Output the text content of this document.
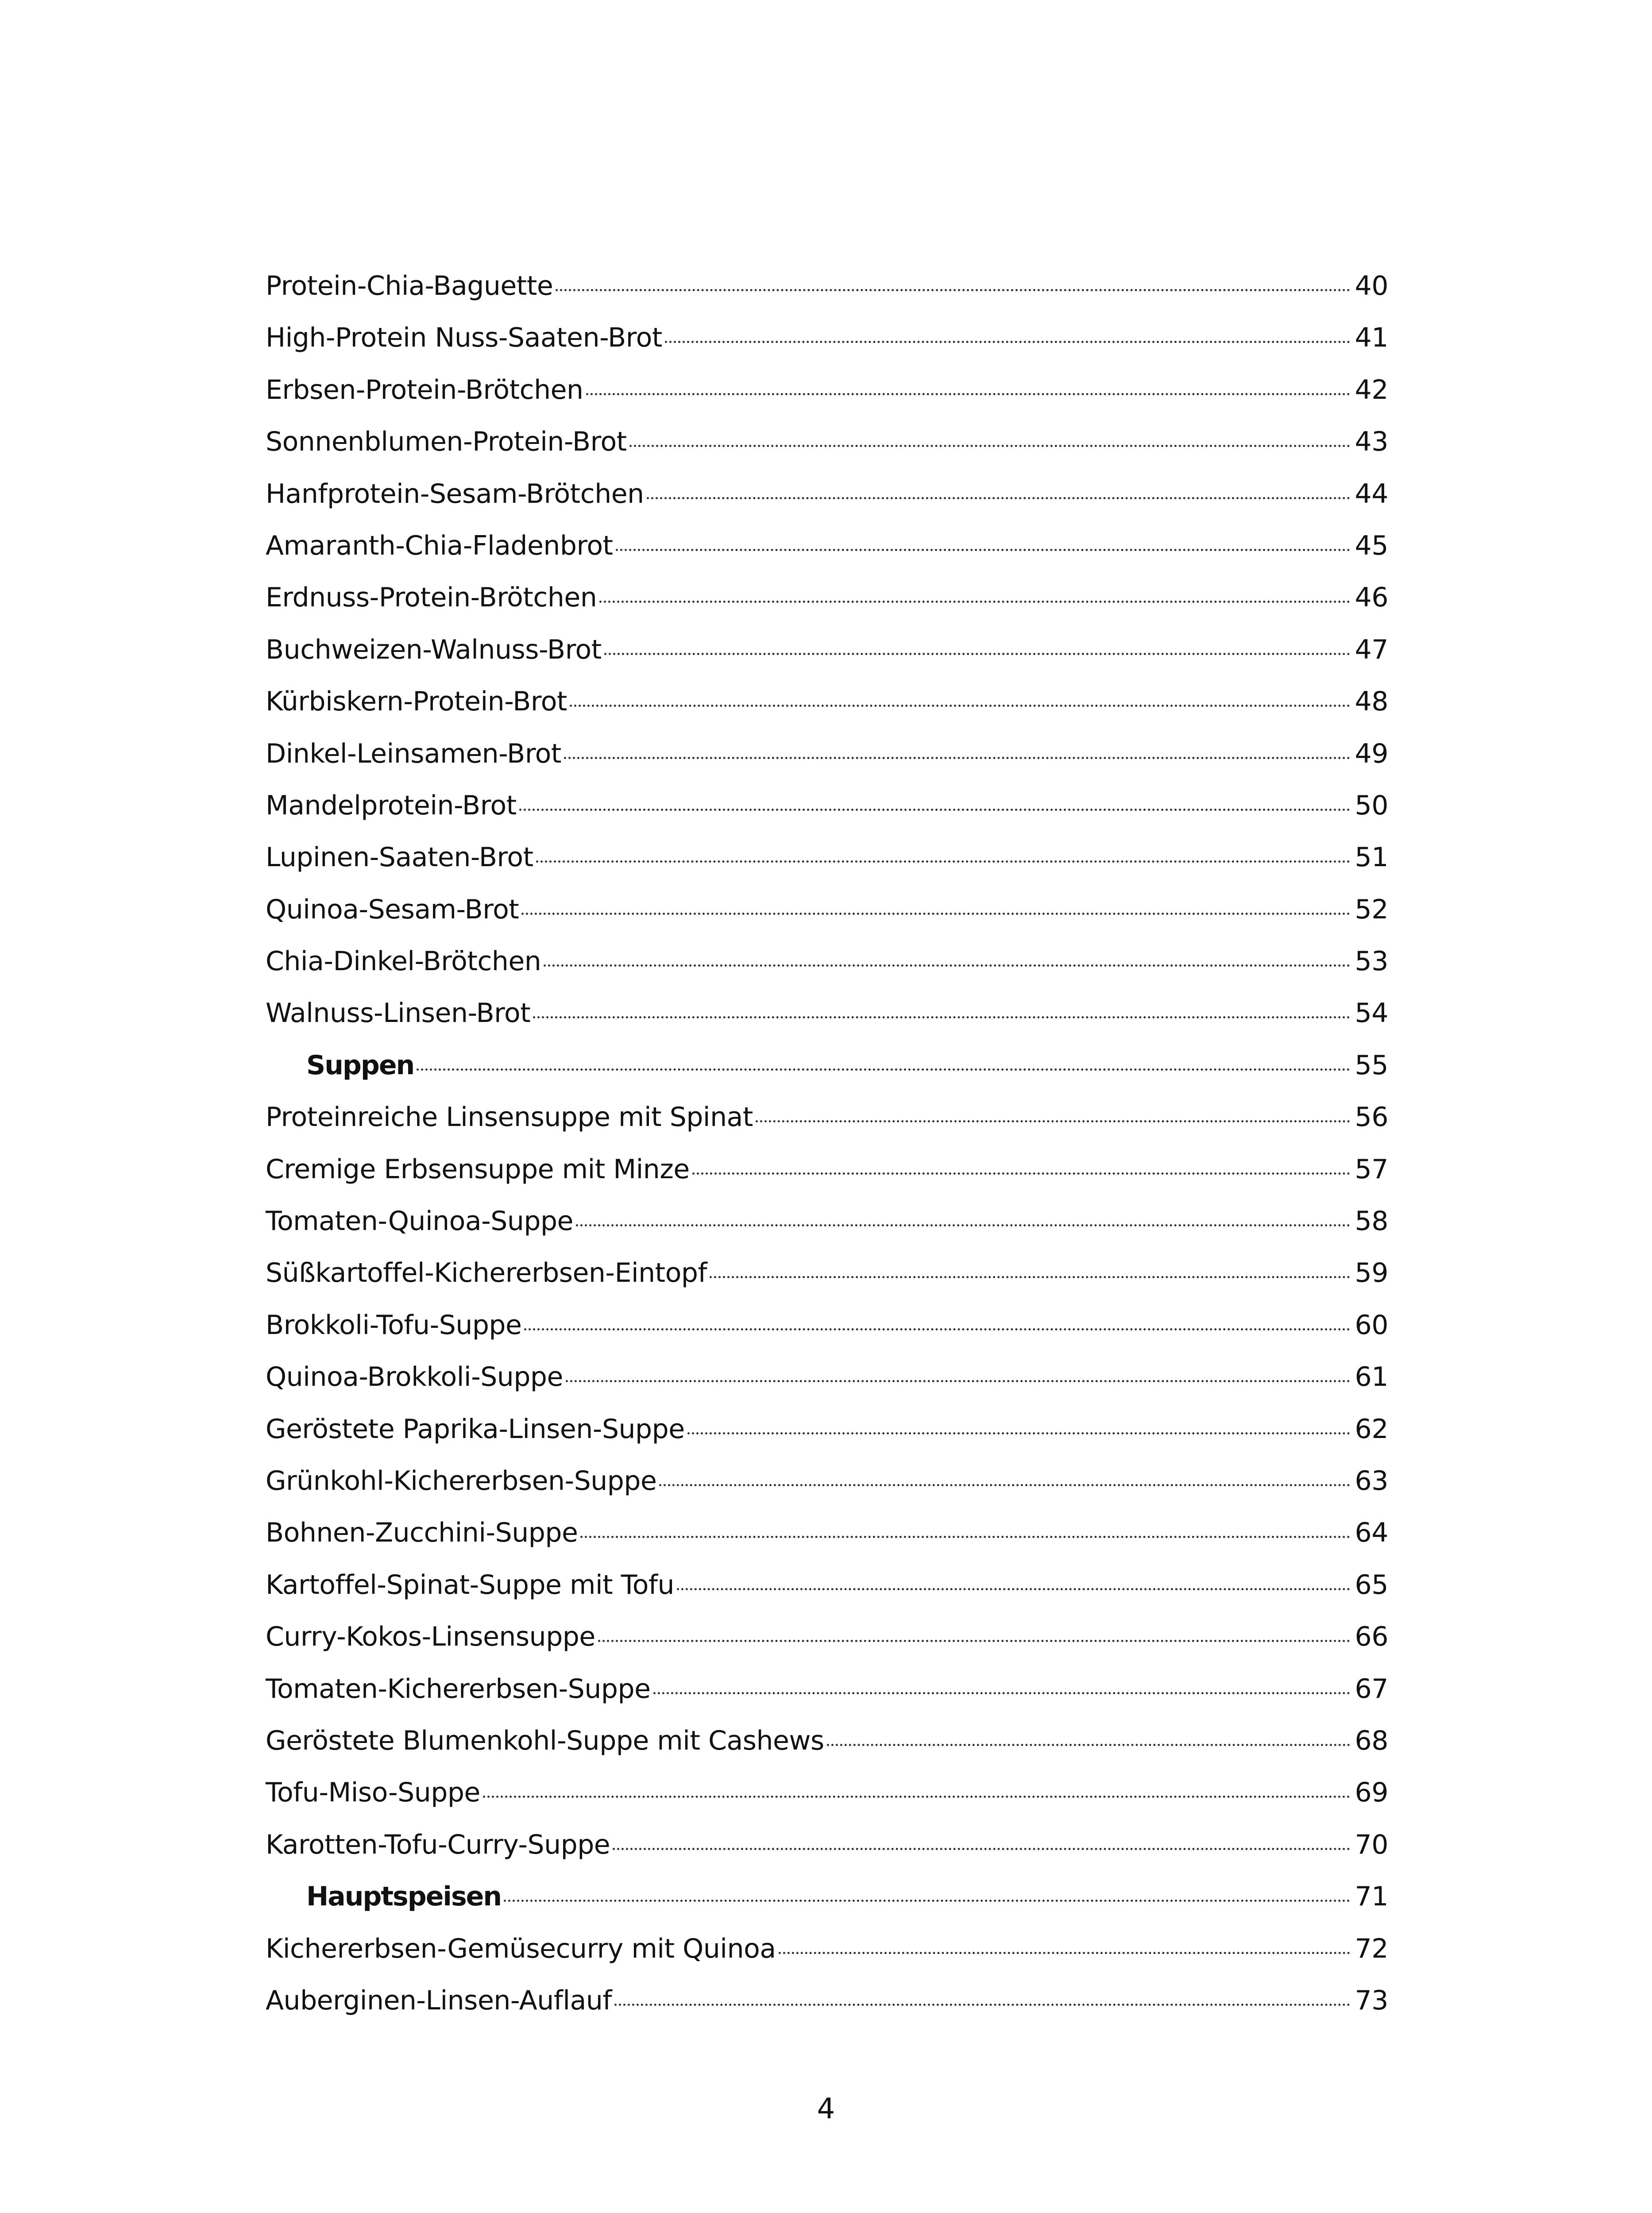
Protein-Chia-Baguette	40
High-Protein Nuss-Saaten-Brot	41
Erbsen-Protein-Brötchen	42
Sonnenblumen-Protein-Brot	43
Hanfprotein-Sesam-Brötchen	44
Amaranth-Chia-Fladenbrot	45
Erdnuss-Protein-Brötchen	46
Buchweizen-Walnuss-Brot	47
Kürbiskern-Protein-Brot	48
Dinkel-Leinsamen-Brot	49
Mandelprotein-Brot	50
Lupinen-Saaten-Brot	51
Quinoa-Sesam-Brot	52
Chia-Dinkel-Brötchen	53
Walnuss-Linsen-Brot	54
Suppen	55
Proteinreiche Linsensuppe mit Spinat	56
Cremige Erbsensuppe mit Minze	57
Tomaten-Quinoa-Suppe	58
Süßkartoffel-Kichererbsen-Eintopf	59
Brokkoli-Tofu-Suppe	60
Quinoa-Brokkoli-Suppe	61
Geröstete Paprika-Linsen-Suppe	62
Grünkohl-Kichererbsen-Suppe	63
Bohnen-Zucchini-Suppe	64
Kartoffel-Spinat-Suppe mit Tofu	65
Curry-Kokos-Linsensuppe	66
Tomaten-Kichererbsen-Suppe	67
Geröstete Blumenkohl-Suppe mit Cashews	68
Tofu-Miso-Suppe	69
Karotten-Tofu-Curry-Suppe	70
Hauptspeisen	71
Kichererbsen-Gemüsecurry mit Quinoa	72
Auberginen-Linsen-Auflauf	73
4
